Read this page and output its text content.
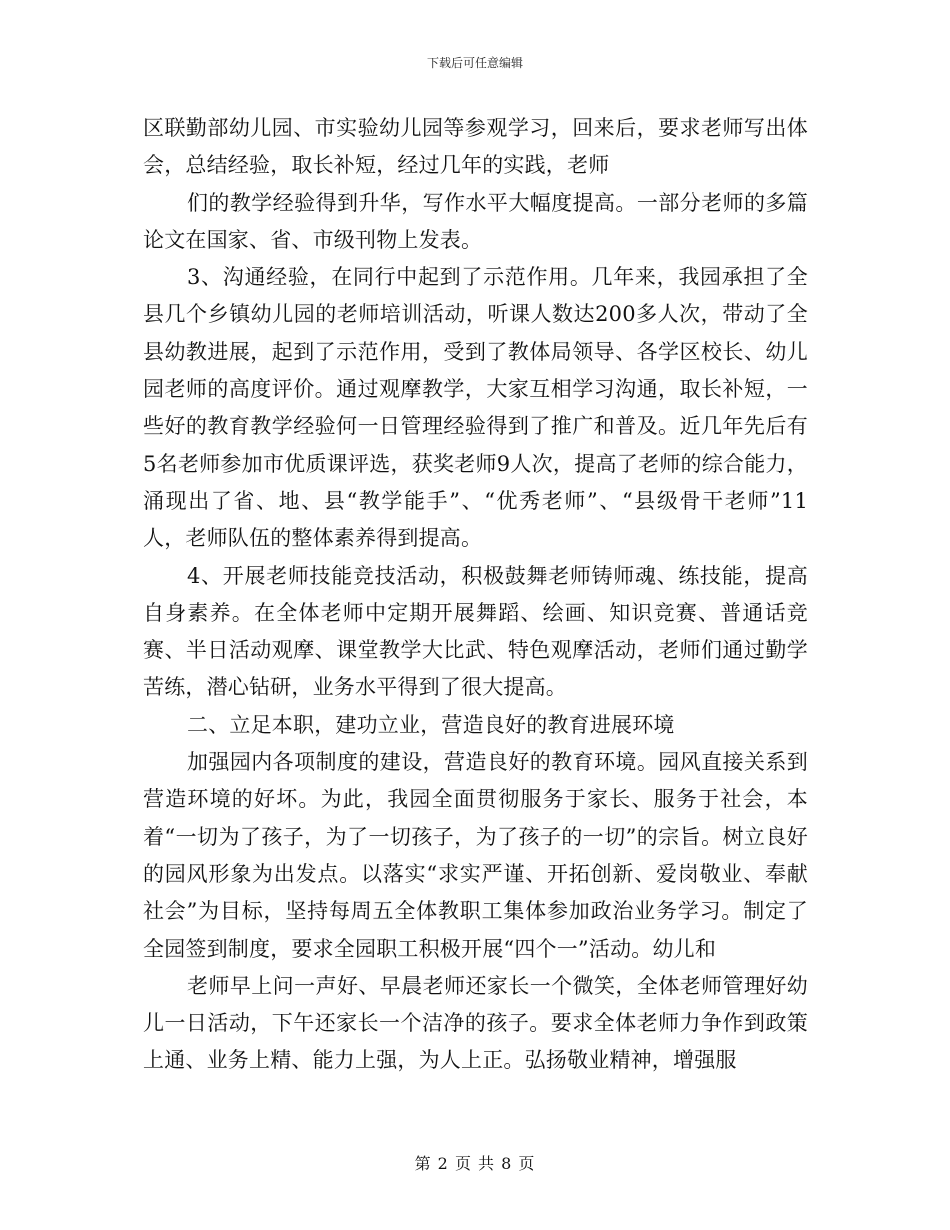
下载后可任意编辑

区联勤部幼儿园、市实验幼儿园等参观学习，回来后，要求老师写出体会，总结经验，取长补短，经过几年的实践，老师

们的教学经验得到升华，写作水平大幅度提高。一部分老师的多篇论文在国家、省、市级刊物上发表。

3、沟通经验，在同行中起到了示范作用。几年来，我园承担了全县几个乡镇幼儿园的老师培训活动，听课人数达200多人次，带动了全县幼教进展，起到了示范作用，受到了教体局领导、各学区校长、幼儿园老师的高度评价。通过观摩教学，大家互相学习沟通，取长补短，一些好的教育教学经验何一日管理经验得到了推广和普及。近几年先后有5名老师参加市优质课评选，获奖老师9人次，提高了老师的综合能力，涌现出了省、地、县“教学能手”、“优秀老师”、“县级骨干老师”11人，老师队伍的整体素养得到提高。

4、开展老师技能竞技活动，积极鼓舞老师铸师魂、练技能，提高自身素养。在全体老师中定期开展舞蹈、绘画、知识竞赛、普通话竞赛、半日活动观摩、课堂教学大比武、特色观摩活动，老师们通过勤学苦练，潜心钻研，业务水平得到了很大提高。

二、立足本职，建功立业，营造良好的教育进展环境

加强园内各项制度的建设，营造良好的教育环境。园风直接关系到营造环境的好坏。为此，我园全面贯彻服务于家长、服务于社会，本着“一切为了孩子，为了一切孩子，为了孩子的一切”的宗旨。树立良好的园风形象为出发点。以落实“求实严谨、开拓创新、爱岗敬业、奉献社会”为目标，坚持每周五全体教职工集体参加政治业务学习。制定了全园签到制度，要求全园职工积极开展“四个一”活动。幼儿和

老师早上问一声好、早晨老师还家长一个微笑，全体老师管理好幼儿一日活动，下午还家长一个洁净的孩子。要求全体老师力争作到政策上通、业务上精、能力上强，为人上正。弘扬敬业精神，增强服

第 2 页 共 8 页
